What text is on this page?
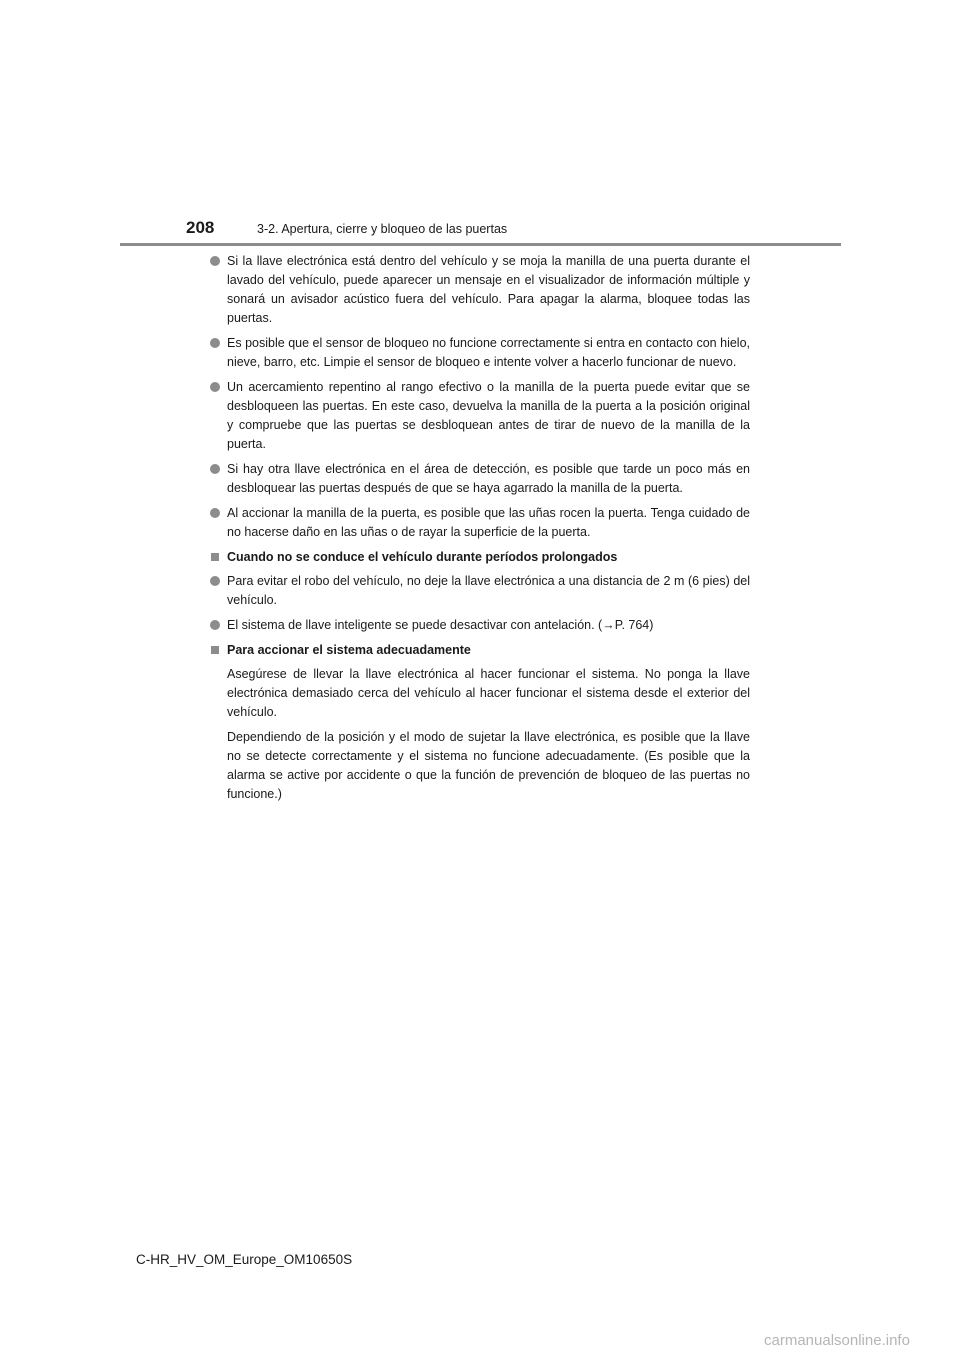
208	3-2. Apertura, cierre y bloqueo de las puertas
Si la llave electrónica está dentro del vehículo y se moja la manilla de una puerta durante el lavado del vehículo, puede aparecer un mensaje en el visualizador de información múltiple y sonará un avisador acústico fuera del vehículo. Para apagar la alarma, bloquee todas las puertas.
Es posible que el sensor de bloqueo no funcione correctamente si entra en contacto con hielo, nieve, barro, etc. Limpie el sensor de bloqueo e intente volver a hacerlo funcionar de nuevo.
Un acercamiento repentino al rango efectivo o la manilla de la puerta puede evitar que se desbloqueen las puertas. En este caso, devuelva la manilla de la puerta a la posición original y compruebe que las puertas se desbloquean antes de tirar de nuevo de la manilla de la puerta.
Si hay otra llave electrónica en el área de detección, es posible que tarde un poco más en desbloquear las puertas después de que se haya agarrado la manilla de la puerta.
Al accionar la manilla de la puerta, es posible que las uñas rocen la puerta. Tenga cuidado de no hacerse daño en las uñas o de rayar la superficie de la puerta.
Cuando no se conduce el vehículo durante períodos prolongados
Para evitar el robo del vehículo, no deje la llave electrónica a una distancia de 2 m (6 pies) del vehículo.
El sistema de llave inteligente se puede desactivar con antelación. (→P. 764)
Para accionar el sistema adecuadamente
Asegúrese de llevar la llave electrónica al hacer funcionar el sistema. No ponga la llave electrónica demasiado cerca del vehículo al hacer funcionar el sistema desde el exterior del vehículo.
Dependiendo de la posición y el modo de sujetar la llave electrónica, es posible que la llave no se detecte correctamente y el sistema no funcione adecuadamente. (Es posible que la alarma se active por accidente o que la función de prevención de bloqueo de las puertas no funcione.)
C-HR_HV_OM_Europe_OM10650S
carmanualsonline.info
